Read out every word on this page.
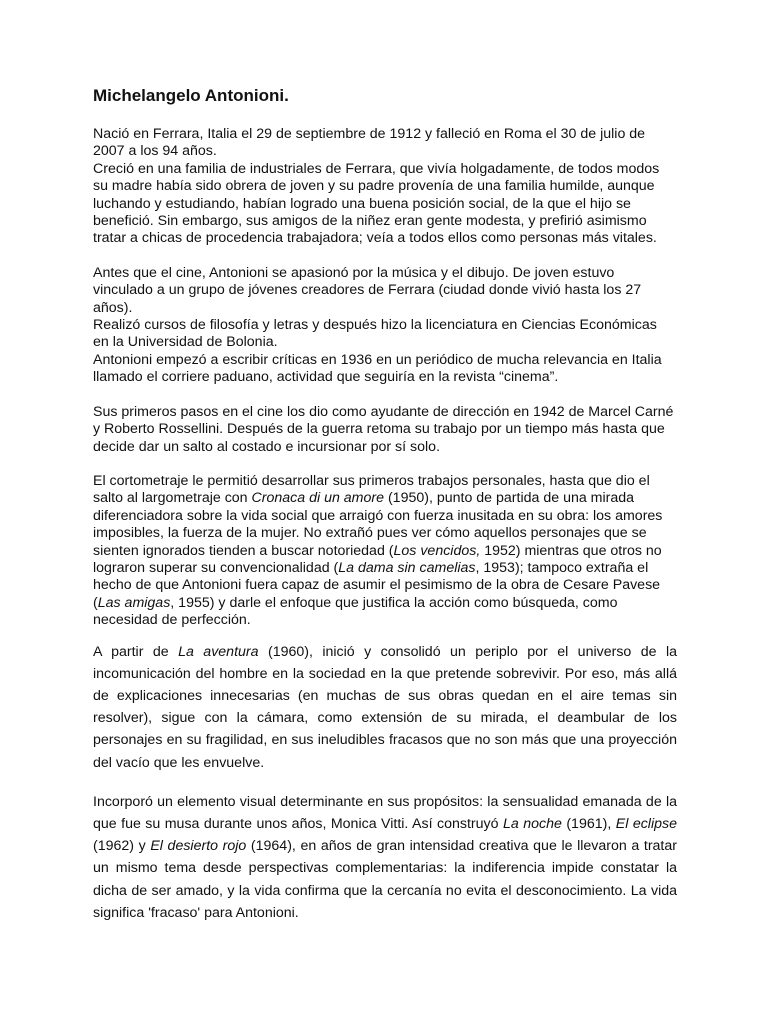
Michelangelo Antonioni.
Nació en Ferrara, Italia el 29 de septiembre de 1912 y falleció en Roma el 30 de julio de
2007 a los 94 años.
Creció en una familia de industriales de Ferrara, que vivía holgadamente, de todos modos
su madre había sido obrera de joven y su padre provenía de una familia humilde, aunque
luchando y estudiando, habían logrado una buena posición social, de la que el hijo se
benefició. Sin embargo, sus amigos de la niñez eran gente modesta, y prefirió asimismo
tratar a chicas de procedencia trabajadora; veía a todos ellos como personas más vitales.
Antes que el cine, Antonioni se apasionó por la música y el dibujo. De joven estuvo
vinculado a un grupo de jóvenes creadores de Ferrara (ciudad donde vivió hasta los 27
años).
Realizó cursos de filosofía y letras y después hizo la licenciatura en Ciencias Económicas
en la Universidad de Bolonia.
Antonioni empezó a escribir críticas en 1936 en un periódico de mucha relevancia en Italia
llamado el corriere paduano, actividad que seguiría en la revista “cinema”.
Sus primeros pasos en el cine los dio como ayudante de dirección en 1942 de Marcel Carné
y Roberto Rossellini. Después de la guerra retoma su trabajo por un tiempo más hasta que
decide dar un salto al costado e incursionar por sí solo.
El cortometraje le permitió desarrollar sus primeros trabajos personales, hasta que dio el
salto al largometraje con Cronaca di un amore (1950), punto de partida de una mirada
diferenciadora sobre la vida social que arraigó con fuerza inusitada en su obra: los amores
imposibles, la fuerza de la mujer. No extrañó pues ver cómo aquellos personajes que se
sienten ignorados tienden a buscar notoriedad (Los vencidos, 1952) mientras que otros no
lograron superar su convencionalidad (La dama sin camelias, 1953); tampoco extraña el
hecho de que Antonioni fuera capaz de asumir el pesimismo de la obra de Cesare Pavese
(Las amigas, 1955) y darle el enfoque que justifica la acción como búsqueda, como
necesidad de perfección.
A partir de La aventura (1960), inició y consolidó un periplo por el universo de la
incomunicación del hombre en la sociedad en la que pretende sobrevivir. Por eso, más allá
de explicaciones innecesarias (en muchas de sus obras quedan en el aire temas sin
resolver), sigue con la cámara, como extensión de su mirada, el deambular de los
personajes en su fragilidad, en sus ineludibles fracasos que no son más que una proyección
del vacío que les envuelve.
Incorporó un elemento visual determinante en sus propósitos: la sensualidad emanada de la
que fue su musa durante unos años, Monica Vitti. Así construyó La noche (1961), El eclipse
(1962) y El desierto rojo (1964), en años de gran intensidad creativa que le llevaron a tratar
un mismo tema desde perspectivas complementarias: la indiferencia impide constatar la
dicha de ser amado, y la vida confirma que la cercanía no evita el desconocimiento. La vida
significa 'fracaso' para Antonioni.
